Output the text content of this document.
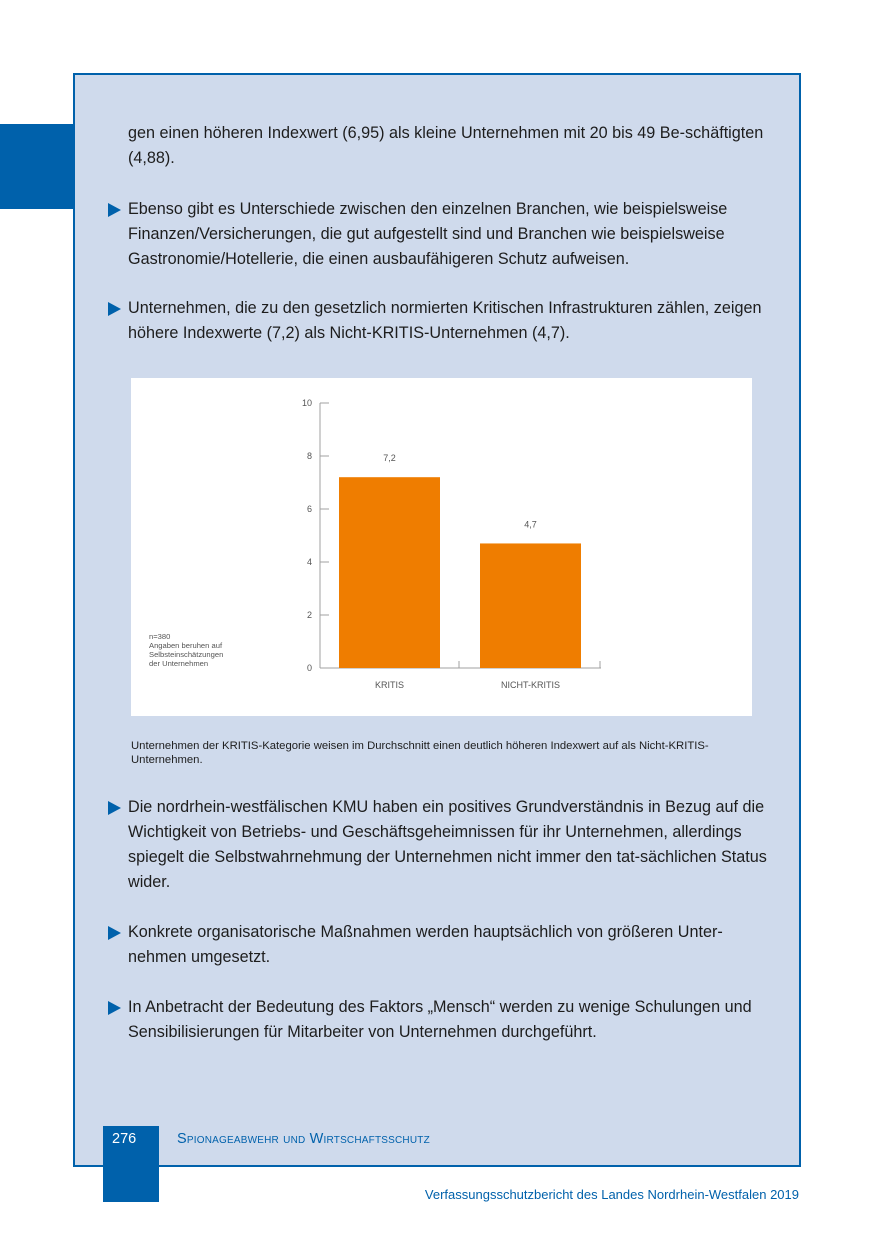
gen einen höheren Indexwert (6,95) als kleine Unternehmen mit 20 bis 49 Be-schäftigten (4,88).

Ebenso gibt es Unterschiede zwischen den einzelnen Branchen, wie beispielsweise Finanzen/Versicherungen, die gut aufgestellt sind und Branchen wie beispielsweise Gastronomie/Hotellerie, die einen ausbaufähigeren Schutz aufweisen.

Unternehmen, die zu den gesetzlich normierten Kritischen Infrastrukturen zählen, zeigen höhere Indexwerte (7,2) als Nicht-KRITIS-Unternehmen (4,7).

0
2
4
6
8
10
7,2
KRITIS
4,7
NICHT-KRITIS
n=380
Angaben beruhen auf
Selbsteinschätzungen
der Unternehmen
Unternehmen der KRITIS-Kategorie weisen im Durchschnitt einen deutlich höheren Indexwert auf als Nicht-KRITIS-Unternehmen.

Die nordrhein-westfälischen KMU haben ein positives Grundverständnis in Bezug auf die Wichtigkeit von Betriebs- und Geschäftsgeheimnissen für ihr Unternehmen, allerdings spiegelt die Selbstwahrnehmung der Unternehmen nicht immer den tat-sächlichen Status wider.

Konkrete organisatorische Maßnahmen werden hauptsächlich von größeren Unter-nehmen umgesetzt.

In Anbetracht der Bedeutung des Faktors „Mensch“ werden zu wenige Schulungen und Sensibilisierungen für Mitarbeiter von Unternehmen durchgeführt.

276	Spionageabwehr und Wirtschaftsschutz
Verfassungsschutzbericht des Landes Nordrhein-Westfalen 2019
